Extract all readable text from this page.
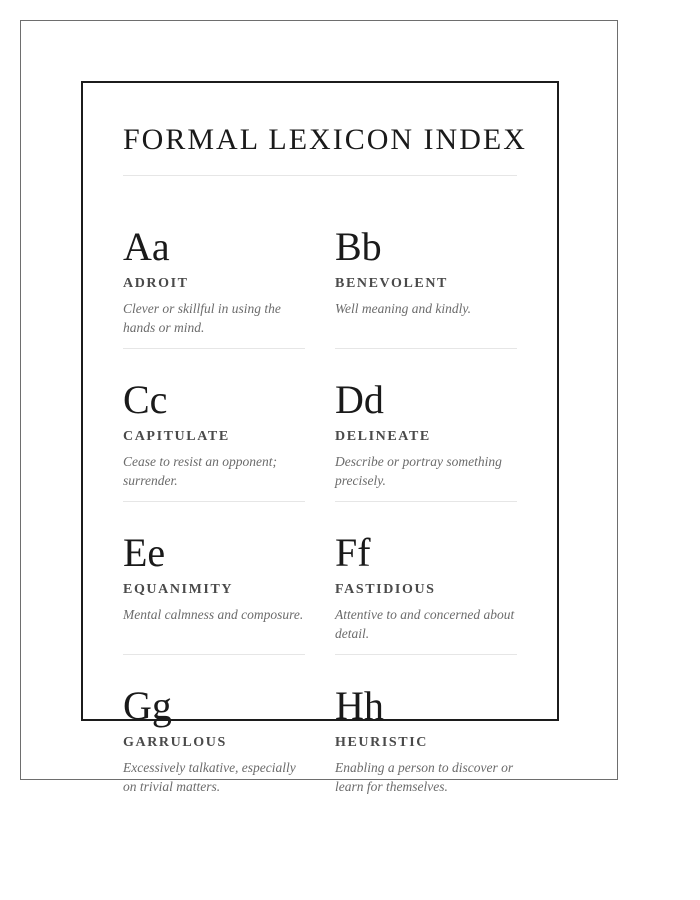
FORMAL LEXICON INDEX
Aa
ADROIT
Clever or skillful in using the hands or mind.
Bb
BENEVOLENT
Well meaning and kindly.
Cc
CAPITULATE
Cease to resist an opponent; surrender.
Dd
DELINEATE
Describe or portray something precisely.
Ee
EQUANIMITY
Mental calmness and composure.
Ff
FASTIDIOUS
Attentive to and concerned about detail.
Gg
GARRULOUS
Excessively talkative, especially on trivial matters.
Hh
HEURISTIC
Enabling a person to discover or learn for themselves.
